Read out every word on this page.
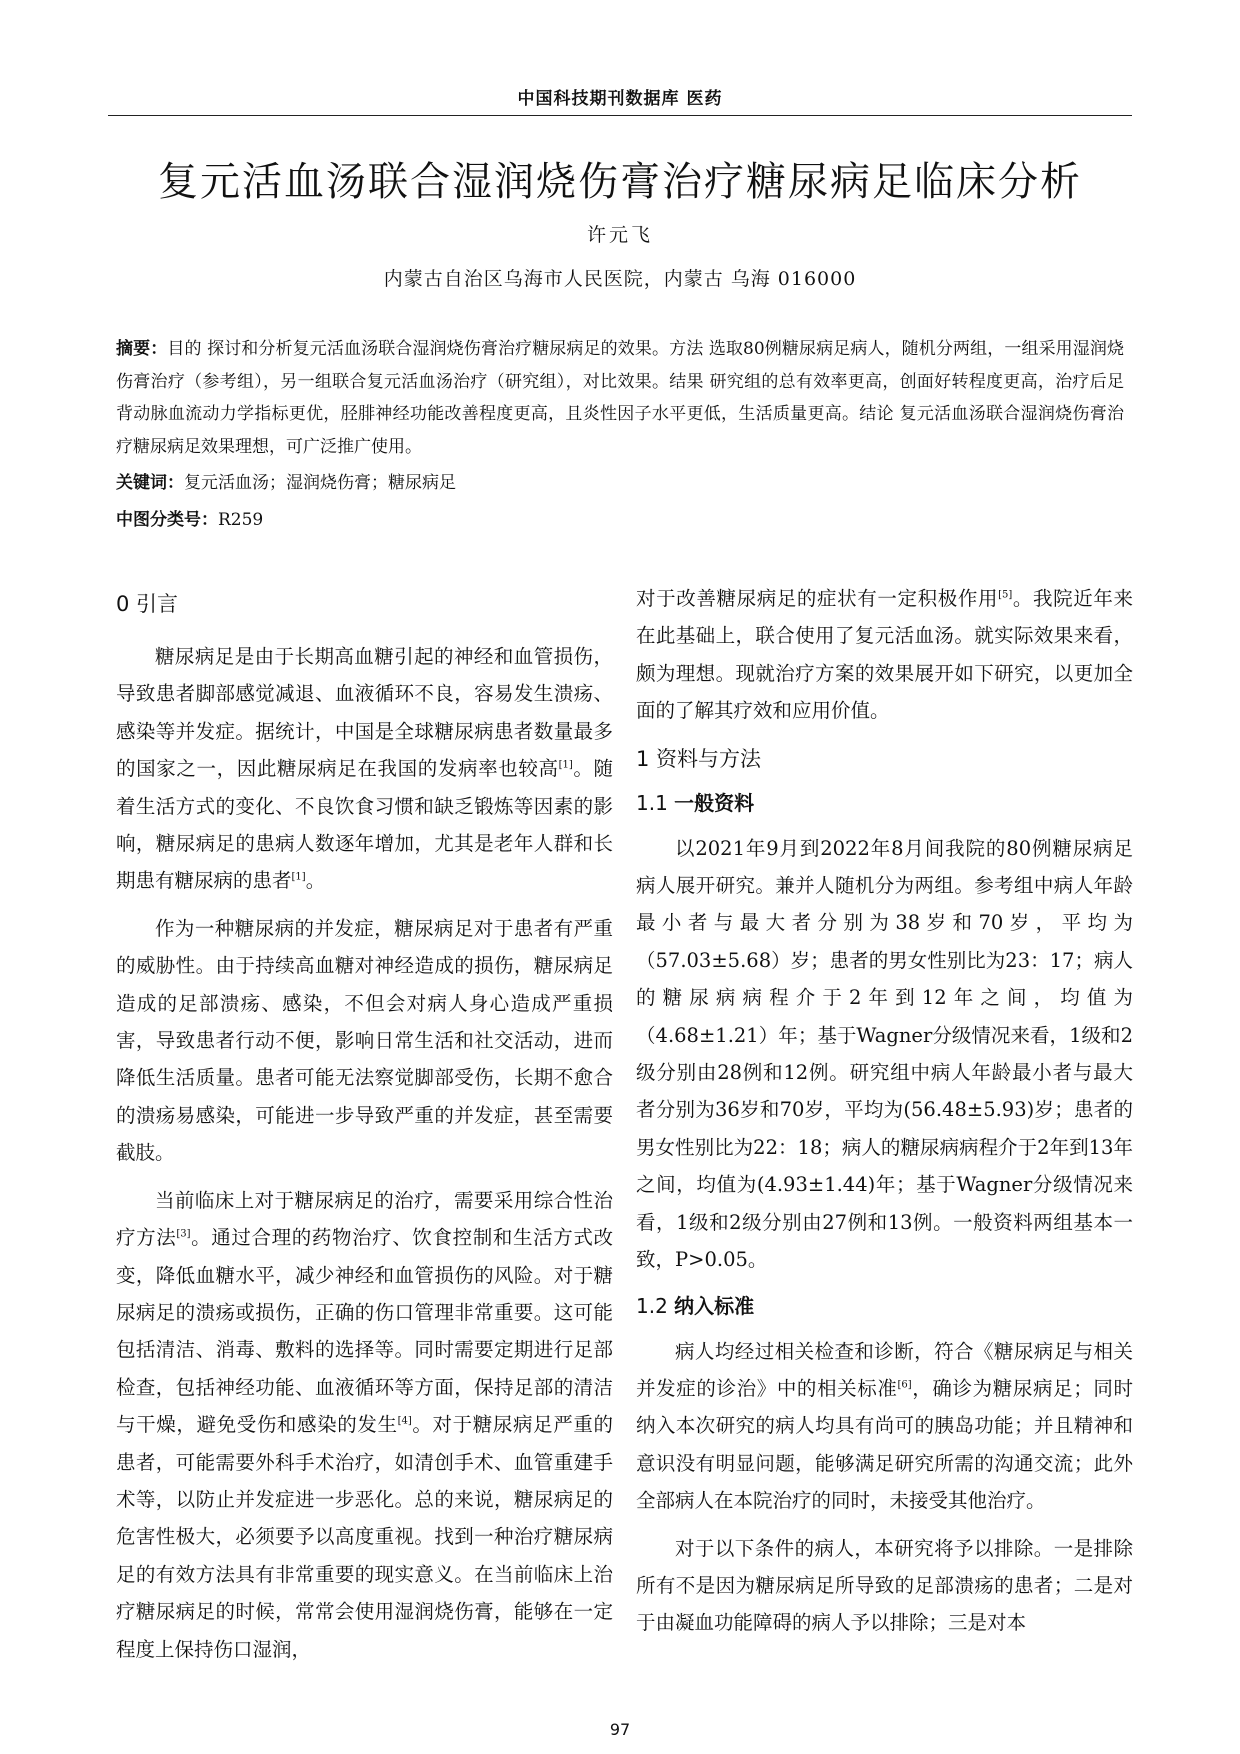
中国科技期刊数据库 医药
复元活血汤联合湿润烧伤膏治疗糖尿病足临床分析
许元飞
内蒙古自治区乌海市人民医院，内蒙古 乌海 016000
摘要：目的 探讨和分析复元活血汤联合湿润烧伤膏治疗糖尿病足的效果。方法 选取80例糖尿病足病人，随机分两组，一组采用湿润烧伤膏治疗（参考组），另一组联合复元活血汤治疗（研究组），对比效果。结果 研究组的总有效率更高，创面好转程度更高，治疗后足背动脉血流动力学指标更优，胫腓神经功能改善程度更高，且炎性因子水平更低，生活质量更高。结论 复元活血汤联合湿润烧伤膏治疗糖尿病足效果理想，可广泛推广使用。
关键词：复元活血汤；湿润烧伤膏；糖尿病足
中图分类号：R259
0 引言

糖尿病足是由于长期高血糖引起的神经和血管损伤，导致患者脚部感觉减退、血液循环不良，容易发生溃疡、感染等并发症。据统计，中国是全球糖尿病患者数量最多的国家之一，因此糖尿病足在我国的发病率也较高[1]。随着生活方式的变化、不良饮食习惯和缺乏锻炼等因素的影响，糖尿病足的患病人数逐年增加，尤其是老年人群和长期患有糖尿病的患者[1]。

作为一种糖尿病的并发症，糖尿病足对于患者有严重的威胁性。由于持续高血糖对神经造成的损伤，糖尿病足造成的足部溃疡、感染，不但会对病人身心造成严重损害，导致患者行动不便，影响日常生活和社交活动，进而降低生活质量。患者可能无法察觉脚部受伤，长期不愈合的溃疡易感染，可能进一步导致严重的并发症，甚至需要截肢。

当前临床上对于糖尿病足的治疗，需要采用综合性治疗方法[3]。通过合理的药物治疗、饮食控制和生活方式改变，降低血糖水平，减少神经和血管损伤的风险。对于糖尿病足的溃疡或损伤，正确的伤口管理非常重要。这可能包括清洁、消毒、敷料的选择等。同时需要定期进行足部检查，包括神经功能、血液循环等方面，保持足部的清洁与干燥，避免受伤和感染的发生[4]。对于糖尿病足严重的患者，可能需要外科手术治疗，如清创手术、血管重建手术等，以防止并发症进一步恶化。总的来说，糖尿病足的危害性极大，必须要予以高度重视。找到一种治疗糖尿病足的有效方法具有非常重要的现实意义。在当前临床上治疗糖尿病足的时候，常常会使用湿润烧伤膏，能够在一定程度上保持伤口湿润，

对于改善糖尿病足的症状有一定积极作用[5]。我院近年来在此基础上，联合使用了复元活血汤。就实际效果来看，颇为理想。现就治疗方案的效果展开如下研究，以更加全面的了解其疗效和应用价值。

1 资料与方法
1.1 一般资料

以2021年9月到2022年8月间我院的80例糖尿病足病人展开研究。兼并人随机分为两组。参考组中病人年龄最小者与最大者分别为38岁和70岁，平均为（57.03±5.68）岁；患者的男女性别比为23：17；病人的糖尿病病程介于2年到12年之间，均值为（4.68±1.21）年；基于Wagner分级情况来看，1级和2级分别由28例和12例。研究组中病人年龄最小者与最大者分别为36岁和70岁，平均为(56.48±5.93)岁；患者的男女性别比为22：18；病人的糖尿病病程介于2年到13年之间，均值为(4.93±1.44)年；基于Wagner分级情况来看，1级和2级分别由27例和13例。一般资料两组基本一致，P>0.05。

1.2 纳入标准

病人均经过相关检查和诊断，符合《糖尿病足与相关并发症的诊治》中的相关标准[6]，确诊为糖尿病足；同时纳入本次研究的病人均具有尚可的胰岛功能；并且精神和意识没有明显问题，能够满足研究所需的沟通交流；此外全部病人在本院治疗的同时，未接受其他治疗。

对于以下条件的病人，本研究将予以排除。一是排除所有不是因为糖尿病足所导致的足部溃疡的患者；二是对于由凝血功能障碍的病人予以排除；三是对本

97
